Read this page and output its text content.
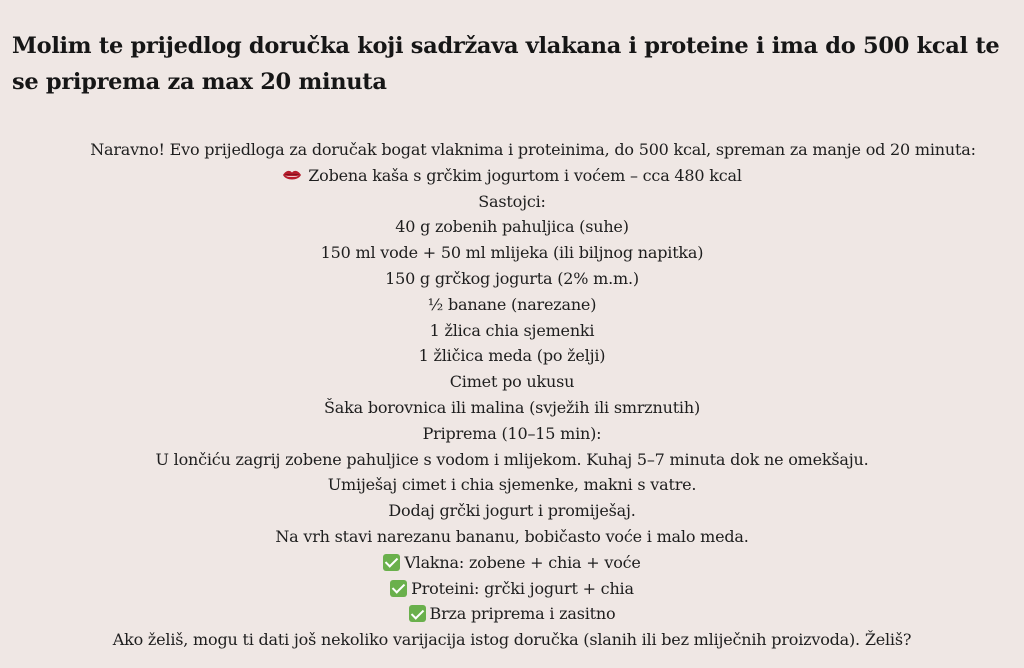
Molim te prijedlog doručka koji sadržava vlakana i proteine i ima do 500 kcal te se priprema za max 20 minuta
Naravno! Evo prijedloga za doručak bogat vlaknima i proteinima, do 500 kcal, spreman za manje od 20 minuta:
Zobena kaša s grčkim jogurtom i voćem – cca 480 kcal
Sastojci:
40 g zobenih pahuljica (suhe)
150 ml vode + 50 ml mlijeka (ili biljnog napitka)
150 g grčkog jogurta (2% m.m.)
½ banane (narezane)
1 žlica chia sjemenki
1 žličica meda (po želji)
Cimet po ukusu
Šaka borovnica ili malina (svježih ili smrznutih)
Priprema (10–15 min):
U lončiću zagrij zobene pahuljice s vodom i mlijekom. Kuhaj 5–7 minuta dok ne omekšaju.
Umiješaj cimet i chia sjemenke, makni s vatre.
Dodaj grčki jogurt i promiješaj.
Na vrh stavi narezanu bananu, bobičasto voće i malo meda.
Vlakna: zobene + chia + voće
Proteini: grčki jogurt + chia
Brza priprema i zasitno
Ako želiš, mogu ti dati još nekoliko varijacija istog doručka (slanih ili bez mliječnih proizvoda). Želiš?
